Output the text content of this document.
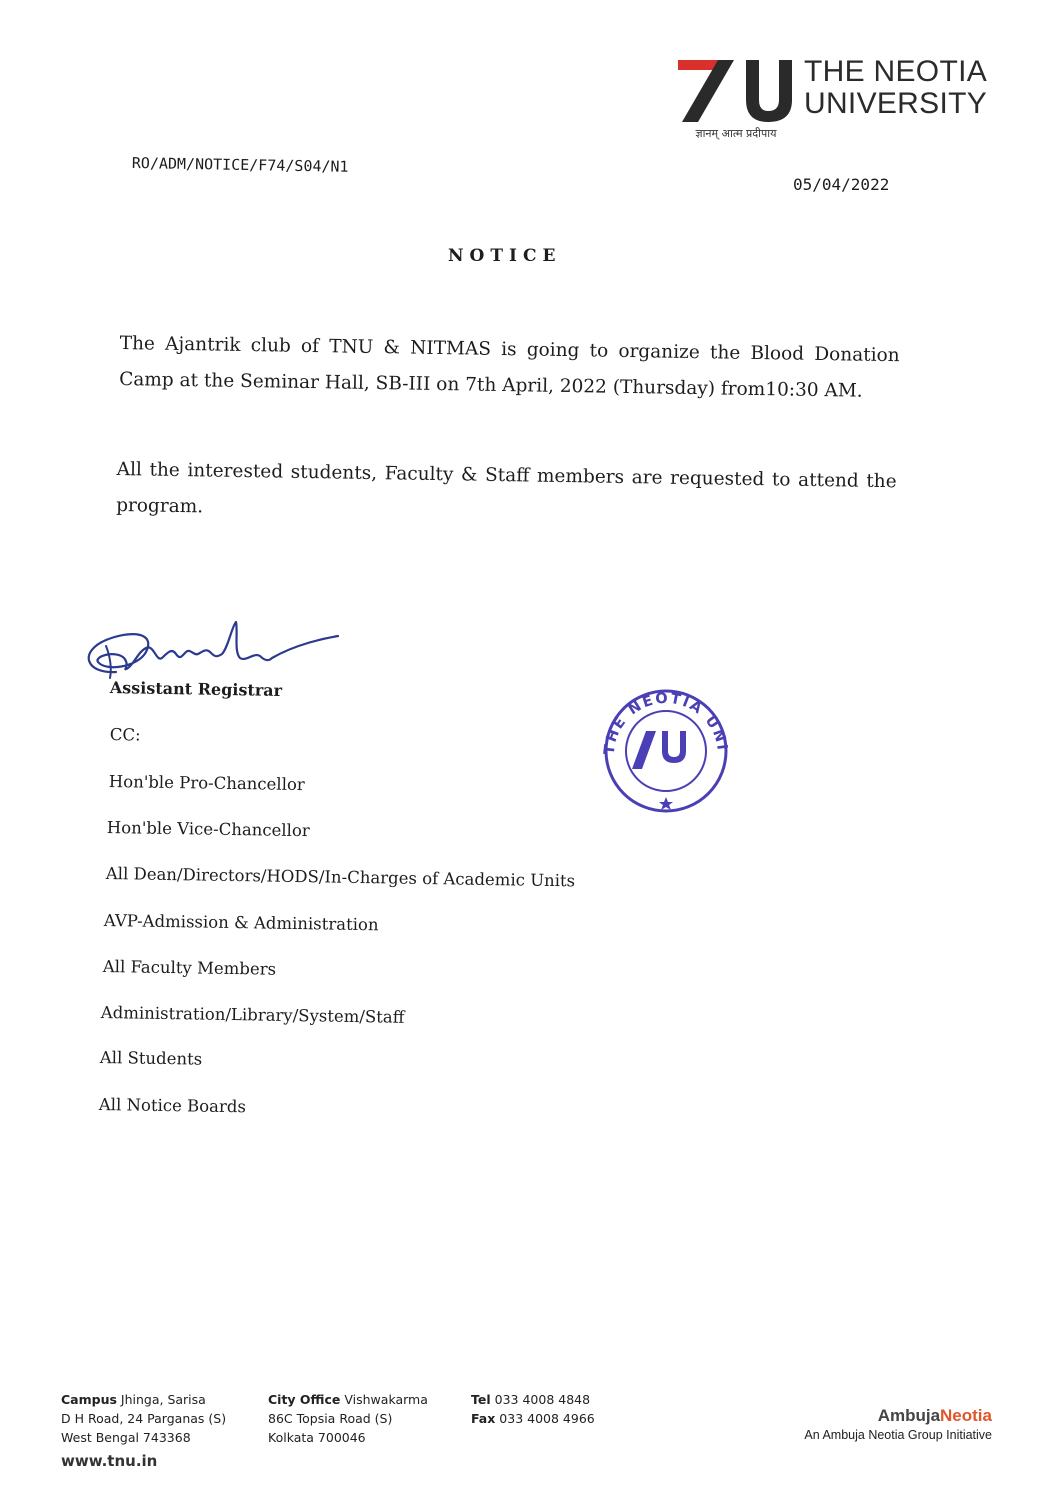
THE NEOTIA
UNIVERSITY
ज्ञानम् आत्म प्रदीपाय
RO/ADM/NOTICE/F74/S04/N1
05/04/2022
NOTICE
The Ajantrik club of TNU & NITMAS is going to organize the Blood Donation Camp at the Seminar Hall, SB-III on 7th April, 2022 (Thursday) from10:30 AM.
All the interested students, Faculty & Staff members are requested to attend the program.
Assistant Registrar
THE NEOTIA UNI
CC:
Hon'ble Pro-Chancellor
Hon'ble Vice-Chancellor
All Dean/Directors/HODS/In-Charges of Academic Units
AVP-Admission & Administration
All Faculty Members
Administration/Library/System/Staff
All Students
All Notice Boards
Campus Jhinga, Sarisa
D H Road, 24 Parganas (S)
West Bengal 743368
City Office Vishwakarma
86C Topsia Road (S)
Kolkata 700046
Tel 033 4008 4848
Fax 033 4008 4966
www.tnu.in
AmbujaNeotia
An Ambuja Neotia Group Initiative
